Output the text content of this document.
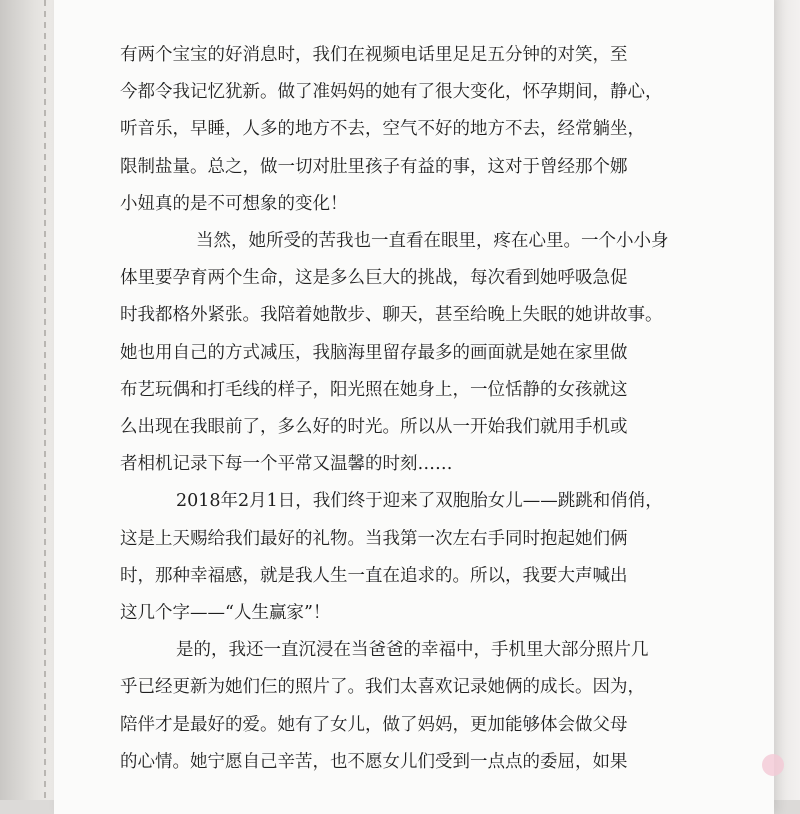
有两个宝宝的好消息时，我们在视频电话里足足五分钟的对笑，至
今都令我记忆犹新。做了准妈妈的她有了很大变化，怀孕期间，静心，
听音乐，早睡，人多的地方不去，空气不好的地方不去，经常躺坐，
限制盐量。总之，做一切对肚里孩子有益的事，这对于曾经那个娜
小妞真的是不可想象的变化！

当然，她所受的苦我也一直看在眼里，疼在心里。一个小小身
体里要孕育两个生命，这是多么巨大的挑战，每次看到她呼吸急促
时我都格外紧张。我陪着她散步、聊天，甚至给晚上失眠的她讲故事。
她也用自己的方式减压，我脑海里留存最多的画面就是她在家里做
布艺玩偶和打毛线的样子，阳光照在她身上，一位恬静的女孩就这
么出现在我眼前了，多么好的时光。所以从一开始我们就用手机或
者相机记录下每一个平常又温馨的时刻……

2018年2月1日，我们终于迎来了双胞胎女儿——跳跳和俏俏，
这是上天赐给我们最好的礼物。当我第一次左右手同时抱起她们俩
时，那种幸福感，就是我人生一直在追求的。所以，我要大声喊出
这几个字——“人生赢家”！

是的，我还一直沉浸在当爸爸的幸福中，手机里大部分照片几
乎已经更新为她们仨的照片了。我们太喜欢记录她俩的成长。因为，
陪伴才是最好的爱。她有了女儿，做了妈妈，更加能够体会做父母
的心情。她宁愿自己辛苦，也不愿女儿们受到一点点的委屈，如果
